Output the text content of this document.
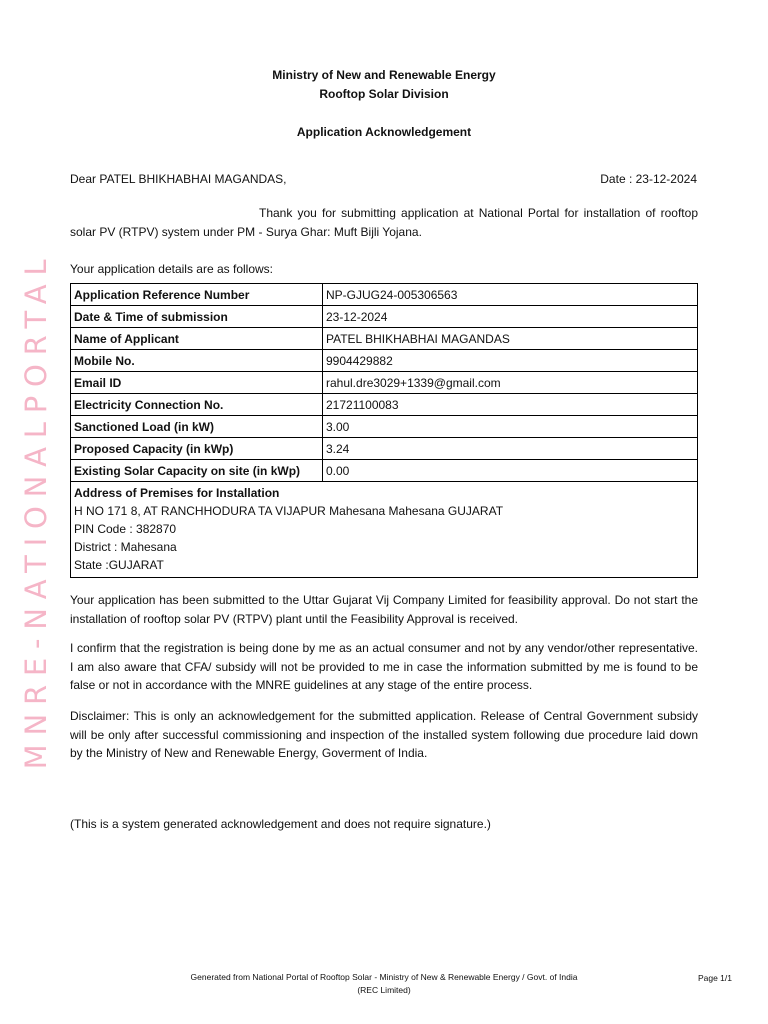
MNRE-NATIONALPORTAL
Ministry of New and Renewable Energy
Rooftop Solar Division
Application Acknowledgement
Dear PATEL BHIKHABHAI MAGANDAS,	Date : 23-12-2024
Thank you for submitting application at National Portal for installation of rooftop solar PV (RTPV) system under PM - Surya Ghar: Muft Bijli Yojana.
Your application details are as follows:
Application Reference Number	NP-GJUG24-005306563
Date & Time of submission	23-12-2024
Name of Applicant	PATEL BHIKHABHAI MAGANDAS
Mobile No.	9904429882
Email ID	rahul.dre3029+1339@gmail.com
Electricity Connection No.	21721100083
Sanctioned Load (in kW)	3.00
Proposed Capacity (in kWp)	3.24
Existing Solar Capacity on site (in kWp)	0.00

Address of Premises for Installation
H NO 171 8, AT RANCHHODURA TA VIJAPUR Mahesana Mahesana GUJARAT
PIN Code : 382870
District : Mahesana
State :GUJARAT	
Your application has been submitted to the Uttar Gujarat Vij Company Limited for feasibility approval. Do not start the installation of rooftop solar PV (RTPV) plant until the Feasibility Approval is received.
I confirm that the registration is being done by me as an actual consumer and not by any vendor/other representative. I am also aware that CFA/ subsidy will not be provided to me in case the information submitted by me is found to be false or not in accordance with the MNRE guidelines at any stage of the entire process.
Disclaimer: This is only an acknowledgement for the submitted application. Release of Central Government subsidy will be only after successful commissioning and inspection of the installed system following due procedure laid down by the Ministry of New and Renewable Energy, Goverment of India.
(This is a system generated acknowledgement and does not require signature.)
Generated from National Portal of Rooftop Solar - Ministry of New & Renewable Energy / Govt. of India
(REC Limited)
Page 1/1
